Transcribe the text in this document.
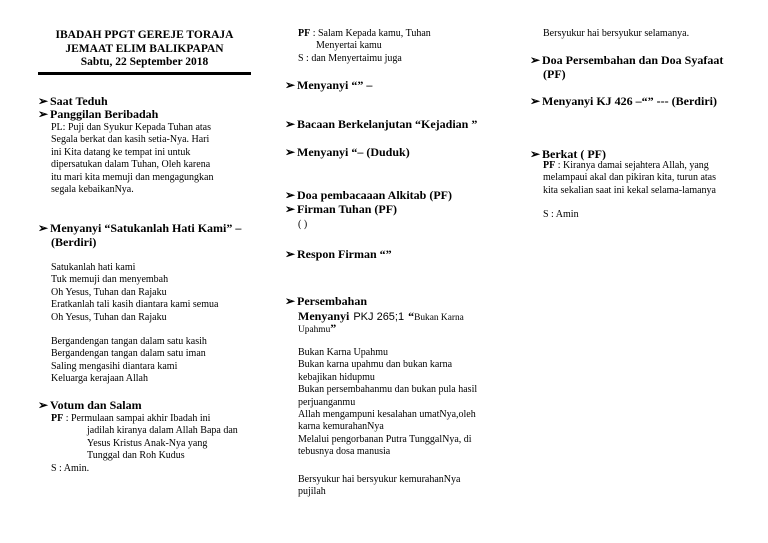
IBADAH PPGT GEREJE TORAJA
JEMAAT ELIM BALIKPAPAN
Sabtu, 22 September 2018
➢ Saat Teduh
➢ Panggilan Beribadah
PL: Puji dan Syukur Kepada Tuhan atas
Segala berkat dan kasih setia-Nya. Hari
ini Kita datang ke tempat ini untuk
dipersatukan dalam Tuhan, Oleh karena
itu mari kita memuji dan mengagungkan
segala kebaikanNya.
➢ Menyanyi “Satukanlah Hati Kami” –
(Berdiri)
Satukanlah hati kami
Tuk memuji dan menyembah
Oh Yesus, Tuhan dan Rajaku
Eratkanlah tali kasih diantara kami semua
Oh Yesus, Tuhan dan Rajaku
Bergandengan tangan dalam satu kasih
Bergandengan tangan dalam satu iman
Saling mengasihi diantara kami
Keluarga kerajaan Allah
➢ Votum dan Salam
PF : Permulaan sampai akhir Ibadah ini
jadilah kiranya dalam Allah Bapa dan
Yesus Kristus Anak-Nya yang
Tunggal dan Roh Kudus
S : Amin.
PF : Salam Kepada kamu, Tuhan
Menyertai kamu
S : dan Menyertaimu juga
➢ Menyanyi “” –
➢ Bacaan Berkelanjutan “Kejadian ”
➢ Menyanyi “– (Duduk)
➢ Doa pembacaaan Alkitab (PF)
➢ Firman Tuhan (PF)
( )
➢ Respon Firman “”
➢ Persembahan
Menyanyi PKJ 265;1 “Bukan Karna
Upahmu”
Bukan Karna Upahmu
Bukan karna upahmu dan bukan karna
kebajikan hidupmu
Bukan persembahanmu dan bukan pula hasil
perjuanganmu
Allah mengampuni kesalahan umatNya,oleh
karna kemurahanNya
Melalui pengorbanan Putra TunggalNya, di
tebusnya dosa manusia
Bersyukur hai bersyukur kemurahanNya
pujilah
Bersyukur hai bersyukur selamanya.
➢ Doa Persembahan dan Doa Syafaat
(PF)
➢ Menyanyi KJ 426 –“” --- (Berdiri)
➢ Berkat ( PF)
PF : Kiranya damai sejahtera Allah, yang
melampaui akal dan pikiran kita, turun atas
kita sekalian saat ini kekal selama-lamanya
S : Amin
